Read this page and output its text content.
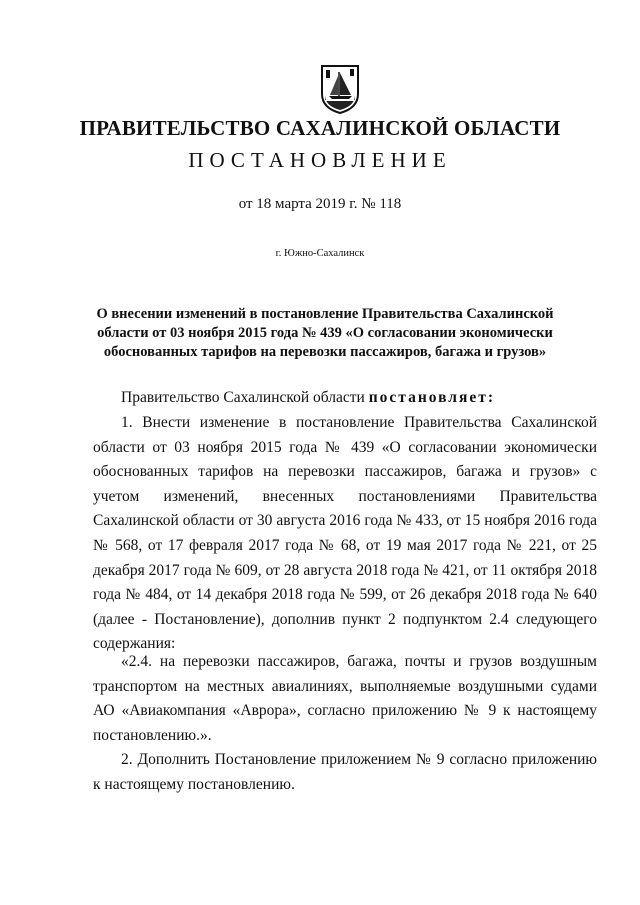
ПРАВИТЕЛЬСТВО САХАЛИНСКОЙ ОБЛАСТИ
ПОСТАНОВЛЕНИЕ
от 18 марта 2019 г. № 118
г. Южно-Сахалинск
О внесении изменений в постановление Правительства Сахалинской области от 03 ноября 2015 года № 439 «О согласовании экономически обоснованных тарифов на перевозки пассажиров, багажа и грузов»

Правительство Сахалинской области постановляет:

1. Внести изменение в постановление Правительства Сахалинской области от 03 ноября 2015 года № 439 «О согласовании экономически обоснованных тарифов на перевозки пассажиров, багажа и грузов» с учетом изменений, внесенных постановлениями Правительства Сахалинской области от 30 августа 2016 года № 433, от 15 ноября 2016 года № 568, от 17 февраля 2017 года № 68, от 19 мая 2017 года № 221, от 25 декабря 2017 года № 609, от 28 августа 2018 года № 421, от 11 октября 2018 года № 484, от 14 декабря 2018 года № 599, от 26 декабря 2018 года № 640 (далее - Постановление), дополнив пункт 2 подпунктом 2.4 следующего содержания:

«2.4. на перевозки пассажиров, багажа, почты и грузов воздушным транспортом на местных авиалиниях, выполняемые воздушными судами АО «Авиакомпания «Аврора», согласно приложению № 9 к настоящему постановлению.».

2. Дополнить Постановление приложением № 9 согласно приложению к настоящему постановлению.
